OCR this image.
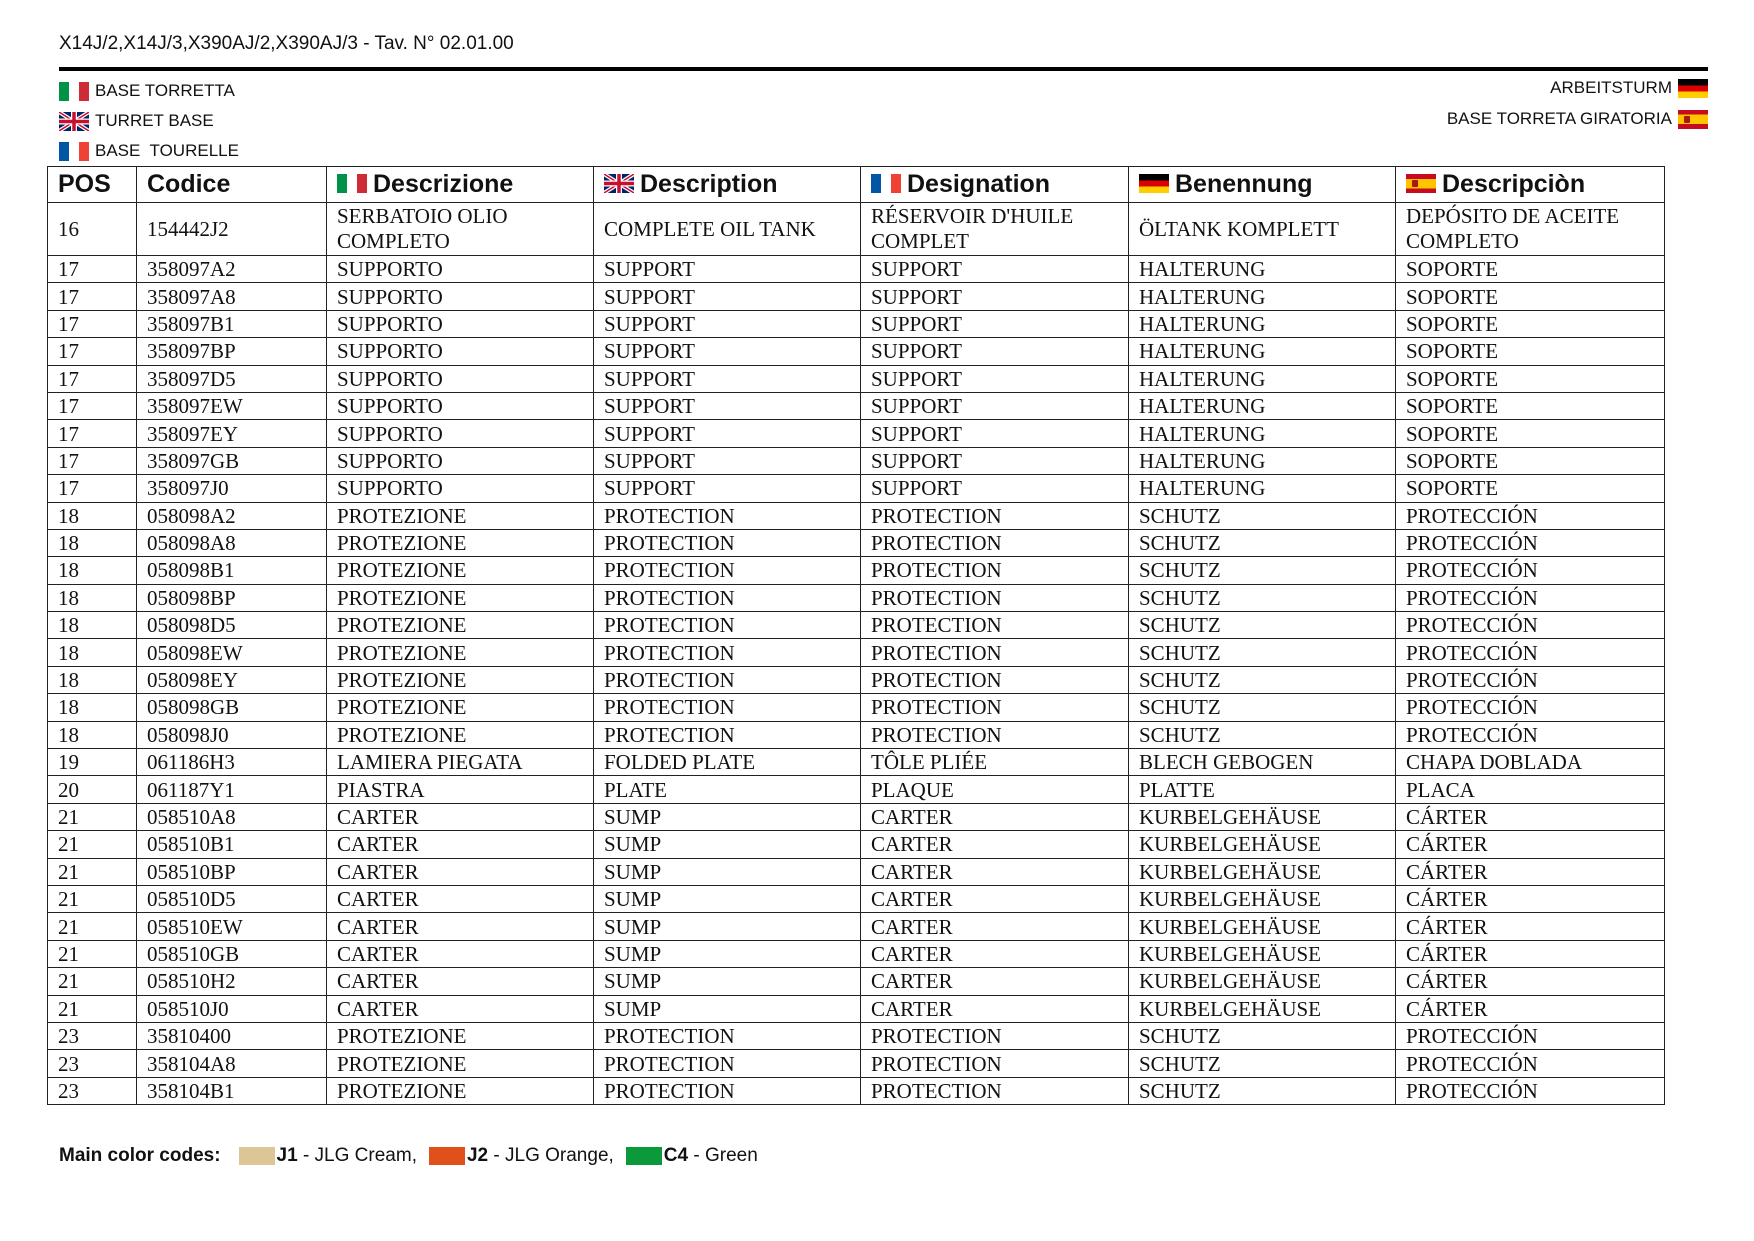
X14J/2,X14J/3,X390AJ/2,X390AJ/3 - Tav. N° 02.01.00
BASE TORRETTA
TURRET BASE
BASE  TOURELLE
ARBEITSTURM
BASE TORRETA GIRATORIA
POS	Codice	Descrizione	Description	Designation	Benennung	Descripciòn
16	154442J2	SERBATOIO OLIO COMPLETO	COMPLETE OIL TANK	RÉSERVOIR D'HUILE COMPLET	ÖLTANK KOMPLETT	DEPÓSITO DE ACEITE COMPLETO
17	358097A2	SUPPORTO	SUPPORT	SUPPORT	HALTERUNG	SOPORTE
17	358097A8	SUPPORTO	SUPPORT	SUPPORT	HALTERUNG	SOPORTE
17	358097B1	SUPPORTO	SUPPORT	SUPPORT	HALTERUNG	SOPORTE
17	358097BP	SUPPORTO	SUPPORT	SUPPORT	HALTERUNG	SOPORTE
17	358097D5	SUPPORTO	SUPPORT	SUPPORT	HALTERUNG	SOPORTE
17	358097EW	SUPPORTO	SUPPORT	SUPPORT	HALTERUNG	SOPORTE
17	358097EY	SUPPORTO	SUPPORT	SUPPORT	HALTERUNG	SOPORTE
17	358097GB	SUPPORTO	SUPPORT	SUPPORT	HALTERUNG	SOPORTE
17	358097J0	SUPPORTO	SUPPORT	SUPPORT	HALTERUNG	SOPORTE
18	058098A2	PROTEZIONE	PROTECTION	PROTECTION	SCHUTZ	PROTECCIÓN
18	058098A8	PROTEZIONE	PROTECTION	PROTECTION	SCHUTZ	PROTECCIÓN
18	058098B1	PROTEZIONE	PROTECTION	PROTECTION	SCHUTZ	PROTECCIÓN
18	058098BP	PROTEZIONE	PROTECTION	PROTECTION	SCHUTZ	PROTECCIÓN
18	058098D5	PROTEZIONE	PROTECTION	PROTECTION	SCHUTZ	PROTECCIÓN
18	058098EW	PROTEZIONE	PROTECTION	PROTECTION	SCHUTZ	PROTECCIÓN
18	058098EY	PROTEZIONE	PROTECTION	PROTECTION	SCHUTZ	PROTECCIÓN
18	058098GB	PROTEZIONE	PROTECTION	PROTECTION	SCHUTZ	PROTECCIÓN
18	058098J0	PROTEZIONE	PROTECTION	PROTECTION	SCHUTZ	PROTECCIÓN
19	061186H3	LAMIERA PIEGATA	FOLDED PLATE	TÔLE PLIÉE	BLECH GEBOGEN	CHAPA DOBLADA
20	061187Y1	PIASTRA	PLATE	PLAQUE	PLATTE	PLACA
21	058510A8	CARTER	SUMP	CARTER	KURBELGEHÄUSE	CÁRTER
21	058510B1	CARTER	SUMP	CARTER	KURBELGEHÄUSE	CÁRTER
21	058510BP	CARTER	SUMP	CARTER	KURBELGEHÄUSE	CÁRTER
21	058510D5	CARTER	SUMP	CARTER	KURBELGEHÄUSE	CÁRTER
21	058510EW	CARTER	SUMP	CARTER	KURBELGEHÄUSE	CÁRTER
21	058510GB	CARTER	SUMP	CARTER	KURBELGEHÄUSE	CÁRTER
21	058510H2	CARTER	SUMP	CARTER	KURBELGEHÄUSE	CÁRTER
21	058510J0	CARTER	SUMP	CARTER	KURBELGEHÄUSE	CÁRTER
23	35810400	PROTEZIONE	PROTECTION	PROTECTION	SCHUTZ	PROTECCIÓN
23	358104A8	PROTEZIONE	PROTECTION	PROTECTION	SCHUTZ	PROTECCIÓN
23	358104B1	PROTEZIONE	PROTECTION	PROTECTION	SCHUTZ	PROTECCIÓN
Main color codes:	J1 - JLG Cream,	J2 - JLG Orange,	C4 - Green
